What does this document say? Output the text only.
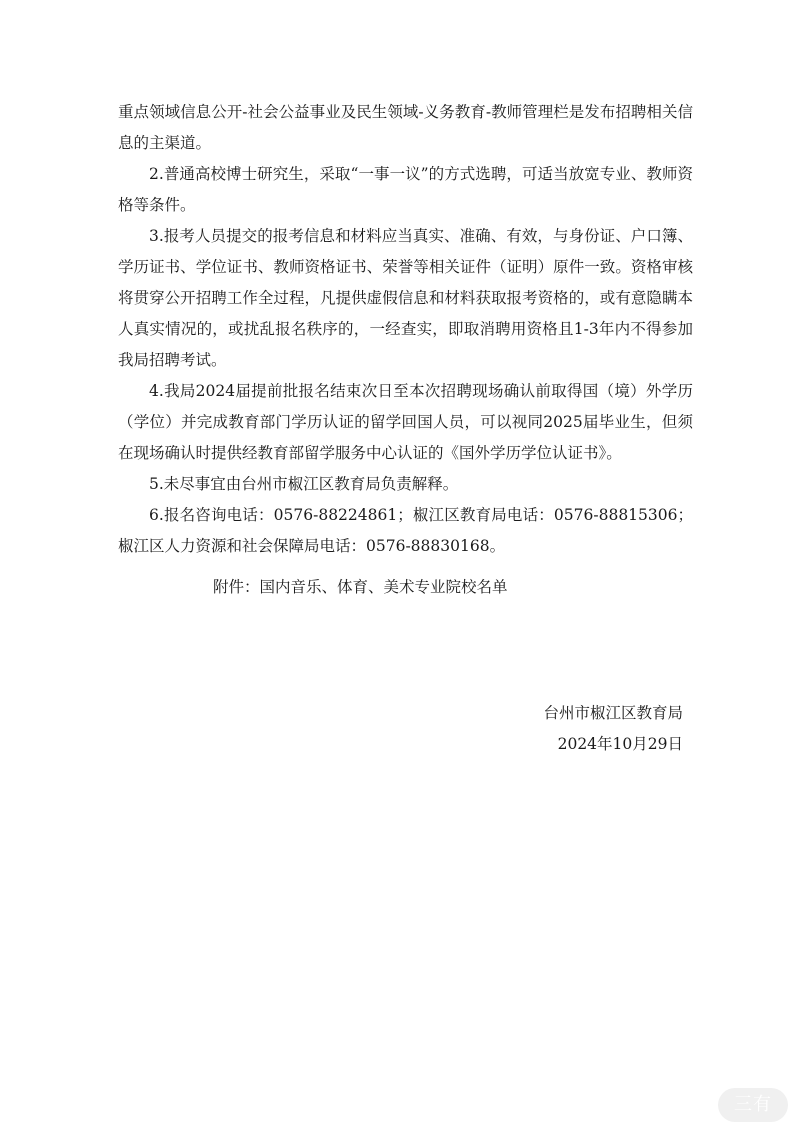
重点领域信息公开-社会公益事业及民生领域-义务教育-教师管理栏是发布招聘相关信息的主渠道。

2.普通高校博士研究生，采取“一事一议”的方式选聘，可适当放宽专业、教师资格等条件。

3.报考人员提交的报考信息和材料应当真实、准确、有效，与身份证、户口簿、学历证书、学位证书、教师资格证书、荣誉等相关证件（证明）原件一致。资格审核将贯穿公开招聘工作全过程，凡提供虚假信息和材料获取报考资格的，或有意隐瞒本人真实情况的，或扰乱报名秩序的，一经查实，即取消聘用资格且1-3年内不得参加我局招聘考试。

4.我局2024届提前批报名结束次日至本次招聘现场确认前取得国（境）外学历（学位）并完成教育部门学历认证的留学回国人员，可以视同2025届毕业生，但须在现场确认时提供经教育部留学服务中心认证的《国外学历学位认证书》。

5.未尽事宜由台州市椒江区教育局负责解释。

6.报名咨询电话：0576-88224861；椒江区教育局电话：0576-88815306；椒江区人力资源和社会保障局电话：0576-88830168。

附件：国内音乐、体育、美术专业院校名单
台州市椒江区教育局
2024年10月29日
三有
